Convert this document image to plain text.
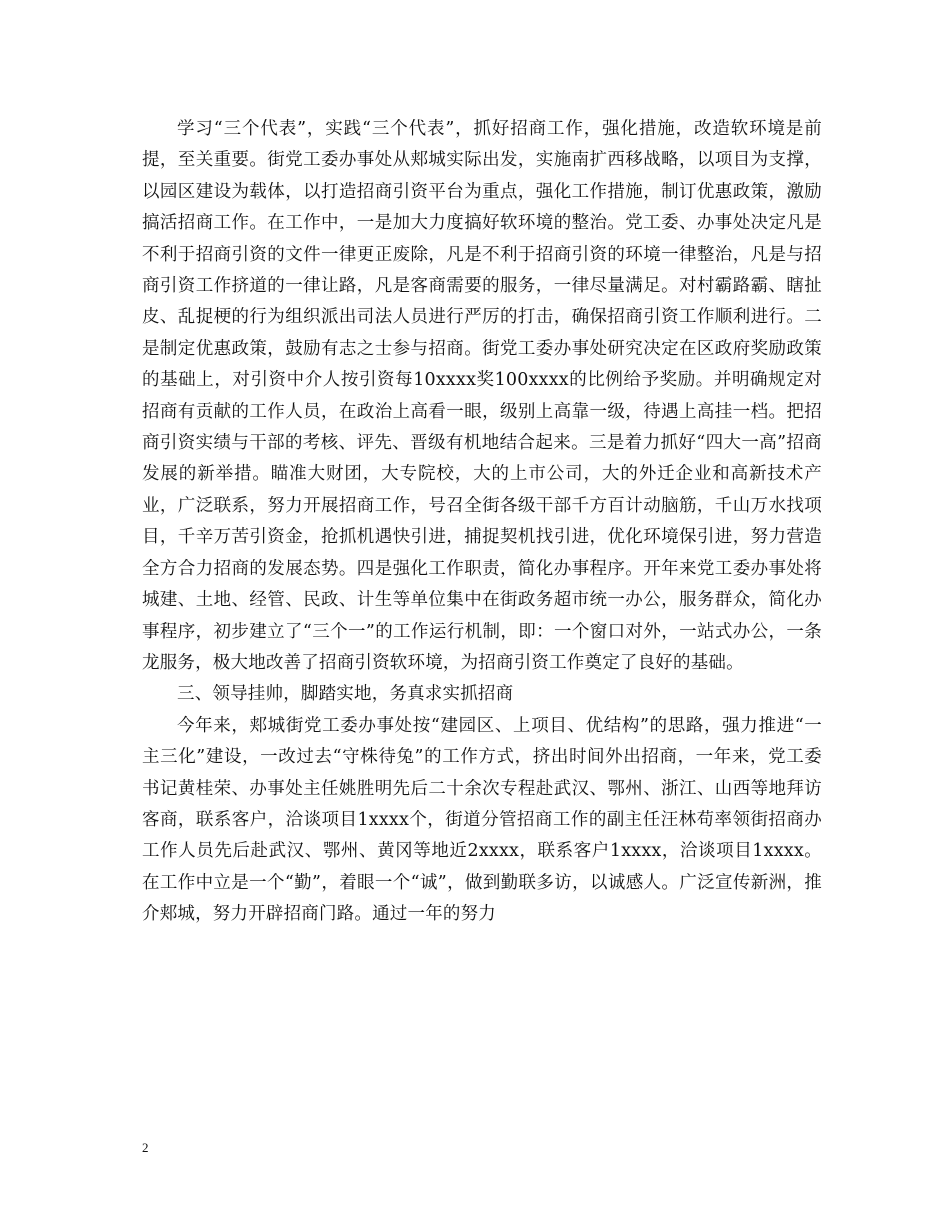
学习“三个代表”，实践“三个代表”，抓好招商工作，强化措施，改造软环境是前提，至关重要。街党工委办事处从郏城实际出发，实施南扩西移战略，以项目为支撑，以园区建设为载体，以打造招商引资平台为重点，强化工作措施，制订优惠政策，激励搞活招商工作。在工作中，一是加大力度搞好软环境的整治。党工委、办事处决定凡是不利于招商引资的文件一律更正废除，凡是不利于招商引资的环境一律整治，凡是与招商引资工作挤道的一律让路，凡是客商需要的服务，一律尽量满足。对村霸路霸、瞎扯皮、乱捉梗的行为组织派出司法人员进行严厉的打击，确保招商引资工作顺利进行。二是制定优惠政策，鼓励有志之士参与招商。街党工委办事处研究决定在区政府奖励政策的基础上，对引资中介人按引资每10xxxx奖100xxxx的比例给予奖励。并明确规定对招商有贡献的工作人员，在政治上高看一眼，级别上高靠一级，待遇上高挂一档。把招商引资实绩与干部的考核、评先、晋级有机地结合起来。三是着力抓好“四大一高”招商发展的新举措。瞄准大财团，大专院校，大的上市公司，大的外迁企业和高新技术产业，广泛联系，努力开展招商工作，号召全街各级干部千方百计动脑筋，千山万水找项目，千辛万苦引资金，抢抓机遇快引进，捕捉契机找引进，优化环境保引进，努力营造全方合力招商的发展态势。四是强化工作职责，简化办事程序。开年来党工委办事处将城建、土地、经管、民政、计生等单位集中在街政务超市统一办公，服务群众，简化办事程序，初步建立了“三个一”的工作运行机制，即：一个窗口对外，一站式办公，一条龙服务，极大地改善了招商引资软环境，为招商引资工作奠定了良好的基础。

三、领导挂帅，脚踏实地，务真求实抓招商

今年来，郏城街党工委办事处按“建园区、上项目、优结构”的思路，强力推进“一主三化”建设，一改过去“守株待兔”的工作方式，挤出时间外出招商，一年来，党工委书记黄桂荣、办事处主任姚胜明先后二十余次专程赴武汉、鄂州、浙江、山西等地拜访客商，联系客户，洽谈项目1xxxx个，街道分管招商工作的副主任汪林苟率领街招商办工作人员先后赴武汉、鄂州、黄冈等地近2xxxx，联系客户1xxxx，洽谈项目1xxxx。在工作中立是一个“勤”，着眼一个“诚”，做到勤联多访，以诚感人。广泛宣传新洲，推介郏城，努力开辟招商门路。通过一年的努力

2
